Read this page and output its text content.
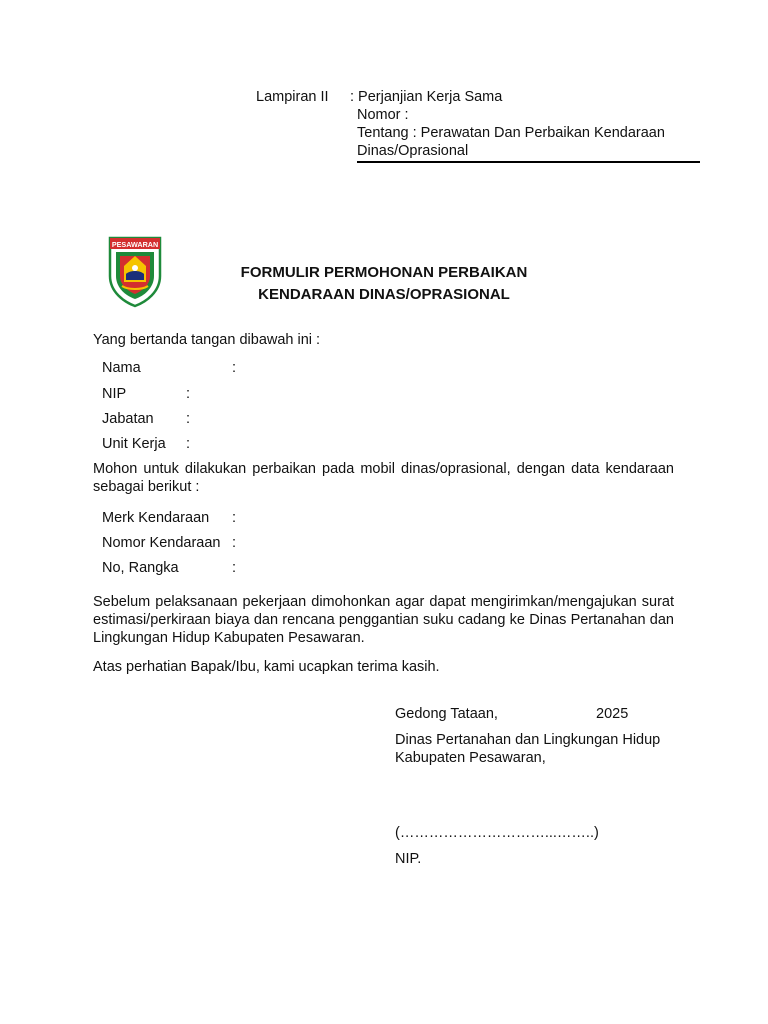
Lampiran II : Perjanjian Kerja Sama
Nomor :
Tentang : Perawatan Dan Perbaikan Kendaraan
Dinas/Oprasional
PESAWARAN
FORMULIR PERMOHONAN PERBAIKAN
KENDARAAN DINAS/OPRASIONAL
Yang bertanda tangan dibawah ini :
Nama	:
NIP	:
Jabatan :
Unit Kerja :
Mohon untuk dilakukan perbaikan pada mobil dinas/oprasional, dengan data kendaraan sebagai berikut :
Merk Kendaraan :
Nomor Kendaraan :
No, Rangka	:
Sebelum pelaksanaan pekerjaan dimohonkan agar dapat mengirimkan/mengajukan surat estimasi/perkiraan biaya dan rencana penggantian suku cadang ke Dinas Pertanahan dan Lingkungan Hidup Kabupaten Pesawaran.
Atas perhatian Bapak/Ibu, kami ucapkan terima kasih.
Gedong Tataan,	2025
Dinas Pertanahan dan Lingkungan Hidup
Kabupaten Pesawaran,
(…………………………...……..)
NIP.
